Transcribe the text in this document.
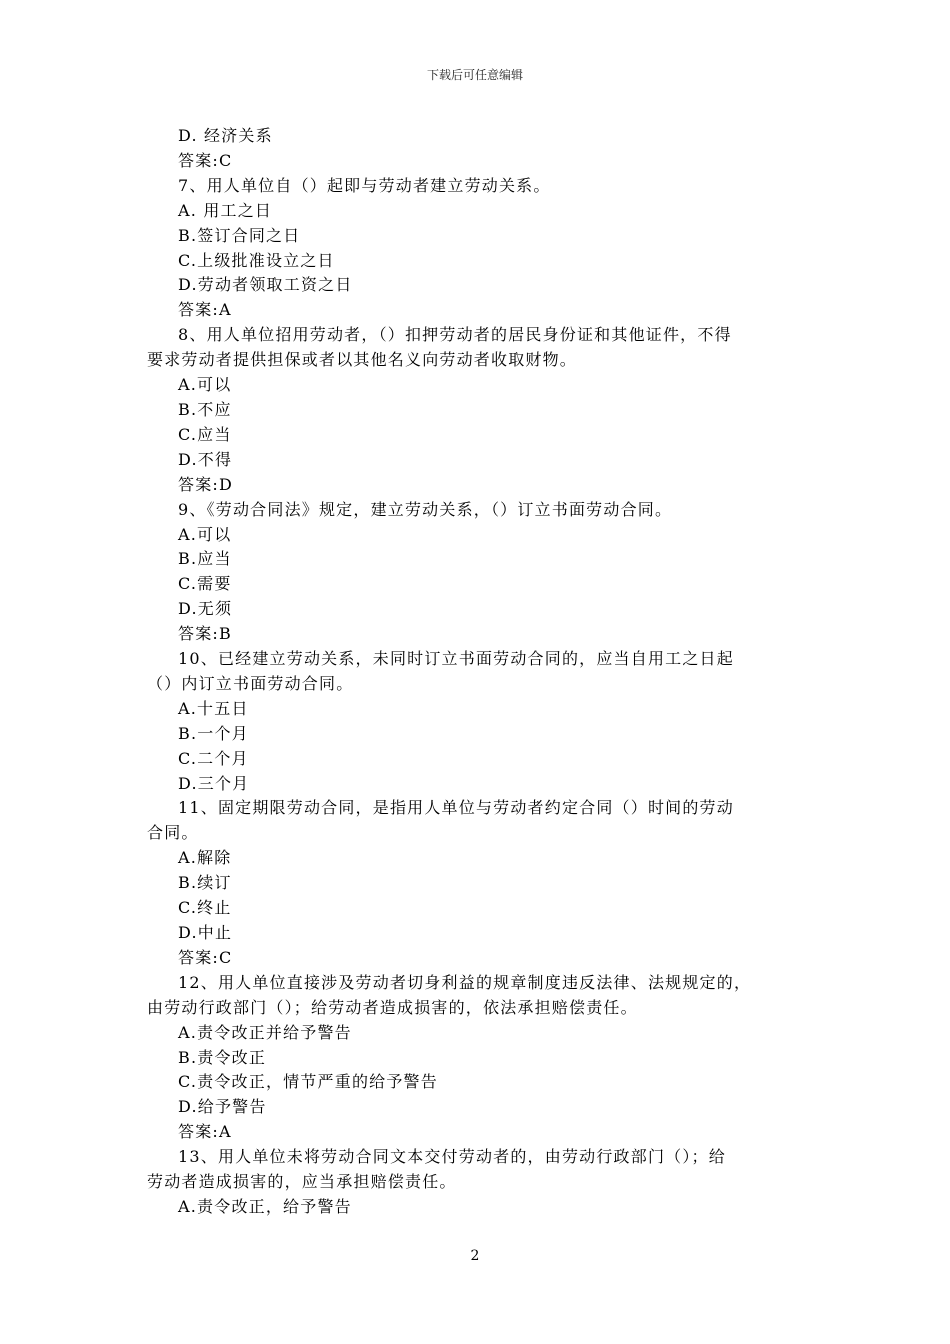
下载后可任意编辑
D. 经济关系
答案:C
7、用人单位自（）起即与劳动者建立劳动关系。
A. 用工之日
B.签订合同之日
C.上级批准设立之日
D.劳动者领取工资之日
答案:A
8、用人单位招用劳动者，（）扣押劳动者的居民身份证和其他证件，不得
要求劳动者提供担保或者以其他名义向劳动者收取财物。
A.可以
B.不应
C.应当
D.不得
答案:D
9、《劳动合同法》规定，建立劳动关系，（）订立书面劳动合同。
A.可以
B.应当
C.需要
D.无须
答案:B
10、已经建立劳动关系，未同时订立书面劳动合同的，应当自用工之日起
（）内订立书面劳动合同。
A.十五日
B.一个月
C.二个月
D.三个月
11、固定期限劳动合同，是指用人单位与劳动者约定合同（）时间的劳动
合同。
A.解除
B.续订
C.终止
D.中止
答案:C
12、用人单位直接涉及劳动者切身利益的规章制度违反法律、法规规定的，
由劳动行政部门（）；给劳动者造成损害的，依法承担赔偿责任。
A.责令改正并给予警告
B.责令改正
C.责令改正，情节严重的给予警告
D.给予警告
答案:A
13、用人单位未将劳动合同文本交付劳动者的，由劳动行政部门（）；给
劳动者造成损害的，应当承担赔偿责任。
A.责令改正，给予警告
2
